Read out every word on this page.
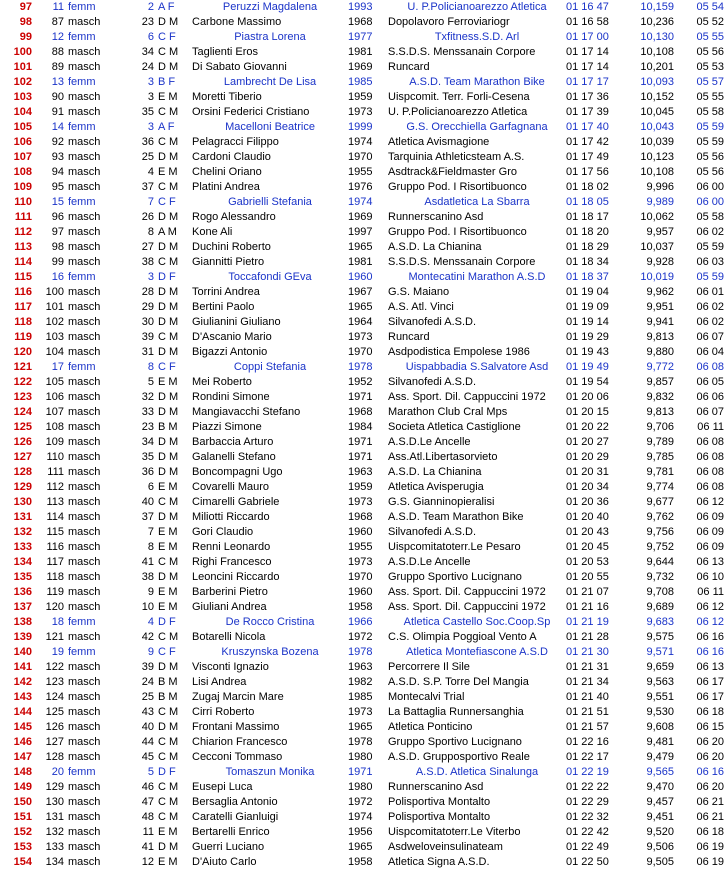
97	11	femm	2	A F	Peruzzi Magdalena	1993	U. P.Policianoarezzo Atletica	01 16 47	10,159	05 54
98	87	masch	23	D M	Carbone Massimo	1968	Dopolavoro Ferroviariogr	01 16 58	10,236	05 52
99	12	femm	6	C F	Piastra Lorena	1977	Txfitness.S.D. Arl	01 17 00	10,130	05 55
100	88	masch	34	C M	Taglienti Eros	1981	S.S.D.S. Menssanain Corpore	01 17 14	10,108	05 56
101	89	masch	24	D M	Di Sabato Giovanni	1969	Runcard	01 17 14	10,201	05 53
102	13	femm	3	B F	Lambrecht De Lisa	1985	A.S.D. Team Marathon Bike	01 17 17	10,093	05 57
103	90	masch	3	E M	Moretti Tiberio	1959	Uispcomit. Terr. Forli-Cesena	01 17 36	10,152	05 55
104	91	masch	35	C M	Orsini Federici Cristiano	1973	U. P.Policianoarezzo Atletica	01 17 39	10,045	05 58
105	14	femm	3	A F	Macelloni Beatrice	1999	G.S. Orecchiella Garfagnana	01 17 40	10,043	05 59
106	92	masch	36	C M	Pelagracci Filippo	1974	Atletica Avismagione	01 17 42	10,039	05 59
107	93	masch	25	D M	Cardoni Claudio	1970	Tarquinia Athleticsteam A.S.	01 17 49	10,123	05 56
108	94	masch	4	E M	Chelini Oriano	1955	Asdtrack&Fieldmaster Gro	01 17 56	10,108	05 56
109	95	masch	37	C M	Platini Andrea	1976	Gruppo Pod. I Risortibuonco	01 18 02	9,996	06 00
110	15	femm	7	C F	Gabrielli Stefania	1974	Asdatletica La Sbarra	01 18 05	9,989	06 00
111	96	masch	26	D M	Rogo Alessandro	1969	Runnerscanino Asd	01 18 17	10,062	05 58
112	97	masch	8	A M	Kone Ali	1997	Gruppo Pod. I Risortibuonco	01 18 20	9,957	06 02
113	98	masch	27	D M	Duchini Roberto	1965	A.S.D. La Chianina	01 18 29	10,037	05 59
114	99	masch	38	C M	Giannitti Pietro	1981	S.S.D.S. Menssanain Corpore	01 18 34	9,928	06 03
115	16	femm	3	D F	Toccafondi GEva	1960	Montecatini Marathon A.S.D	01 18 37	10,019	05 59
116	100	masch	28	D M	Torrini Andrea	1967	G.S. Maiano	01 19 04	9,962	06 01
117	101	masch	29	D M	Bertini Paolo	1965	A.S. Atl. Vinci	01 19 09	9,951	06 02
118	102	masch	30	D M	Giulianini Giuliano	1964	Silvanofedi A.S.D.	01 19 14	9,941	06 02
119	103	masch	39	C M	D'Ascanio Mario	1973	Runcard	01 19 29	9,813	06 07
120	104	masch	31	D M	Bigazzi Antonio	1970	Asdpodistica Empolese 1986	01 19 43	9,880	06 04
121	17	femm	8	C F	Coppi Stefania	1978	Uispabbadia S.Salvatore Asd	01 19 49	9,772	06 08
122	105	masch	5	E M	Mei Roberto	1952	Silvanofedi A.S.D.	01 19 54	9,857	06 05
123	106	masch	32	D M	Rondini Simone	1971	Ass. Sport. Dil. Cappuccini 1972	01 20 06	9,832	06 06
124	107	masch	33	D M	Mangiavacchi Stefano	1968	Marathon Club Cral Mps	01 20 15	9,813	06 07
125	108	masch	23	B M	Piazzi Simone	1984	Societa Atletica Castiglione	01 20 22	9,706	06 11
126	109	masch	34	D M	Barbaccia Arturo	1971	A.S.D.Le Ancelle	01 20 27	9,789	06 08
127	110	masch	35	D M	Galanelli Stefano	1971	Ass.Atl.Libertasorvieto	01 20 29	9,785	06 08
128	111	masch	36	D M	Boncompagni Ugo	1963	A.S.D. La Chianina	01 20 31	9,781	06 08
129	112	masch	6	E M	Covarelli Mauro	1959	Atletica Avisperugia	01 20 34	9,774	06 08
130	113	masch	40	C M	Cimarelli Gabriele	1973	G.S. Gianninopieralisi	01 20 36	9,677	06 12
131	114	masch	37	D M	Miliotti Riccardo	1968	A.S.D. Team Marathon Bike	01 20 40	9,762	06 09
132	115	masch	7	E M	Gori Claudio	1960	Silvanofedi A.S.D.	01 20 43	9,756	06 09
133	116	masch	8	E M	Renni Leonardo	1955	Uispcomitatoterr.Le Pesaro	01 20 45	9,752	06 09
134	117	masch	41	C M	Righi Francesco	1973	A.S.D.Le Ancelle	01 20 53	9,644	06 13
135	118	masch	38	D M	Leoncini Riccardo	1970	Gruppo Sportivo Lucignano	01 20 55	9,732	06 10
136	119	masch	9	E M	Barberini Pietro	1960	Ass. Sport. Dil. Cappuccini 1972	01 21 07	9,708	06 11
137	120	masch	10	E M	Giuliani Andrea	1958	Ass. Sport. Dil. Cappuccini 1972	01 21 16	9,689	06 12
138	18	femm	4	D F	De Rocco Cristina	1966	Atletica Castello Soc.Coop.Sp	01 21 19	9,683	06 12
139	121	masch	42	C M	Botarelli Nicola	1972	C.S. Olimpia Poggioal Vento A	01 21 28	9,575	06 16
140	19	femm	9	C F	Kruszynska Bozena	1978	Atletica Montefiascone A.S.D	01 21 30	9,571	06 16
141	122	masch	39	D M	Visconti Ignazio	1963	Percorrere Il Sile	01 21 31	9,659	06 13
142	123	masch	24	B M	Lisi Andrea	1982	A.S.D. S.P. Torre Del Mangia	01 21 34	9,563	06 17
143	124	masch	25	B M	Zugaj Marcin Mare	1985	Montecalvi Trial	01 21 40	9,551	06 17
144	125	masch	43	C M	Cirri Roberto	1973	La Battaglia Runnersanghia	01 21 51	9,530	06 18
145	126	masch	40	D M	Frontani Massimo	1965	Atletica Ponticino	01 21 57	9,608	06 15
146	127	masch	44	C M	Chiarion Francesco	1978	Gruppo Sportivo Lucignano	01 22 16	9,481	06 20
147	128	masch	45	C M	Cecconi Tommaso	1980	A.S.D. Grupposportivo Reale	01 22 17	9,479	06 20
148	20	femm	5	D F	Tomaszun Monika	1971	A.S.D. Atletica Sinalunga	01 22 19	9,565	06 16
149	129	masch	46	C M	Eusepi Luca	1980	Runnerscanino Asd	01 22 22	9,470	06 20
150	130	masch	47	C M	Bersaglia Antonio	1972	Polisportiva Montalto	01 22 29	9,457	06 21
151	131	masch	48	C M	Caratelli Gianluigi	1974	Polisportiva Montalto	01 22 32	9,451	06 21
152	132	masch	11	E M	Bertarelli Enrico	1956	Uispcomitatoterr.Le Viterbo	01 22 42	9,520	06 18
153	133	masch	41	D M	Guerri Luciano	1965	Asdweloveinsulinateam	01 22 49	9,506	06 19
154	134	masch	12	E M	D'Aiuto Carlo	1958	Atletica Signa A.S.D.	01 22 50	9,505	06 19
